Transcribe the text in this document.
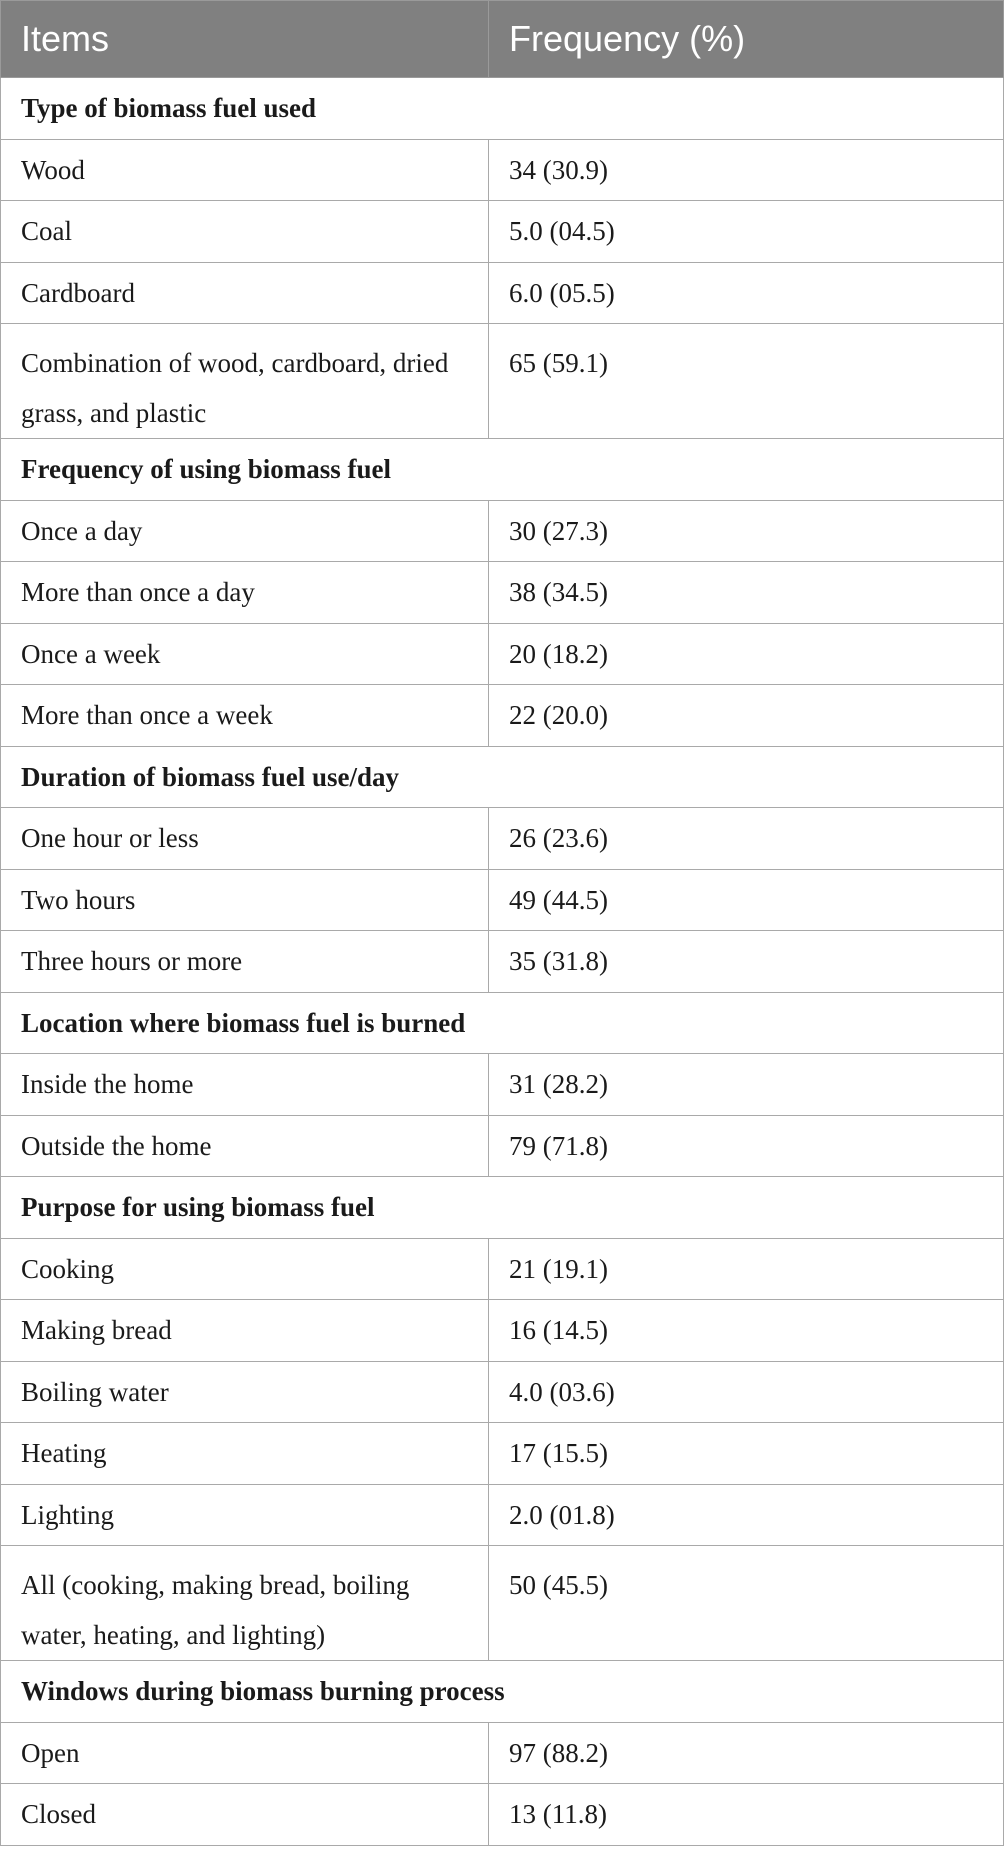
Items	Frequency (%)
Type of biomass fuel used	
Wood	34 (30.9)
Coal	5.0 (04.5)
Cardboard	6.0 (05.5)
Combination of wood, cardboard, dried grass, and plastic	65 (59.1)
Frequency of using biomass fuel	
Once a day	30 (27.3)
More than once a day	38 (34.5)
Once a week	20 (18.2)
More than once a week	22 (20.0)
Duration of biomass fuel use/day	
One hour or less	26 (23.6)
Two hours	49 (44.5)
Three hours or more	35 (31.8)
Location where biomass fuel is burned	
Inside the home	31 (28.2)
Outside the home	79 (71.8)
Purpose for using biomass fuel	
Cooking	21 (19.1)
Making bread	16 (14.5)
Boiling water	4.0 (03.6)
Heating	17 (15.5)
Lighting	2.0 (01.8)
All (cooking, making bread, boiling water, heating, and lighting)	50 (45.5)
Windows during biomass burning process	
Open	97 (88.2)
Closed	13 (11.8)
